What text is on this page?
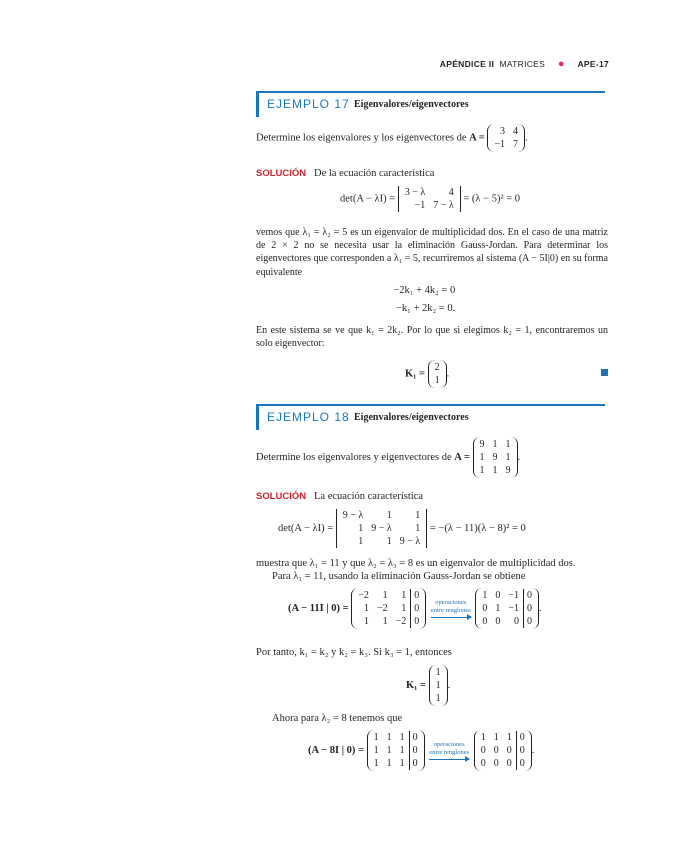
APÉNDICE II MATRICES ● APE-17
EJEMPLO 17 Eigenvalores/eigenvectores
Determine los eigenvalores y los eigenvectores de A =
3	4
−1	7
.
SOLUCIÓN De la ecuación característica
det(A − λI) =
3 − λ	4
−1	7 − λ
= (λ − 5)² = 0
vemos que λ₁ = λ₂ = 5 es un eigenvalor de multiplicidad dos. En el caso de una matriz de 2 × 2 no se necesita usar la eliminación Gauss-Jordan. Para determinar los eigenvectores que corresponden a λ₁ = 5, recurriremos al sistema (A − 5I|0) en su forma equivalente
−2k₁ + 4k₂ = 0
−k₁ + 2k₂ = 0.
En este sistema se ve que k₁ = 2k₂. Por lo que si elegimos k₂ = 1, encontraremos un solo eigenvector:
K₁ =
2
1
.
EJEMPLO 18 Eigenvalores/eigenvectores
Determine los eigenvalores y eigenvectores de A =
9	1	1
1	9	1
1	1	9
.
SOLUCIÓN La ecuación característica
det(A − λI) =
9 − λ	1	1
1	9 − λ	1
1	1	9 − λ
= −(λ − 11)(λ − 8)² = 0
muestra que λ₁ = 11 y que λ₂ = λ₃ = 8 es un eigenvalor de multiplicidad dos.
Para λ₁ = 11, usando la eliminación Gauss-Jordan se obtiene
(A − 11I | 0) =
−2	1	1	0
1	−2	1	0
1	1	−2	0
operaciones
entre renglones

1	0	−1	0
0	1	−1	0
0	0	0	0
.
Por tanto, k₁ = k₂ y k₂ = k₃. Si k₃ = 1, entonces
K₁ =
1
1
1
.
Ahora para λ₂ = 8 tenemos que
(A − 8I | 0) =
1	1	1	0
1	1	1	0
1	1	1	0
operaciones
entre renglones

1	1	1	0
0	0	0	0
0	0	0	0
.
